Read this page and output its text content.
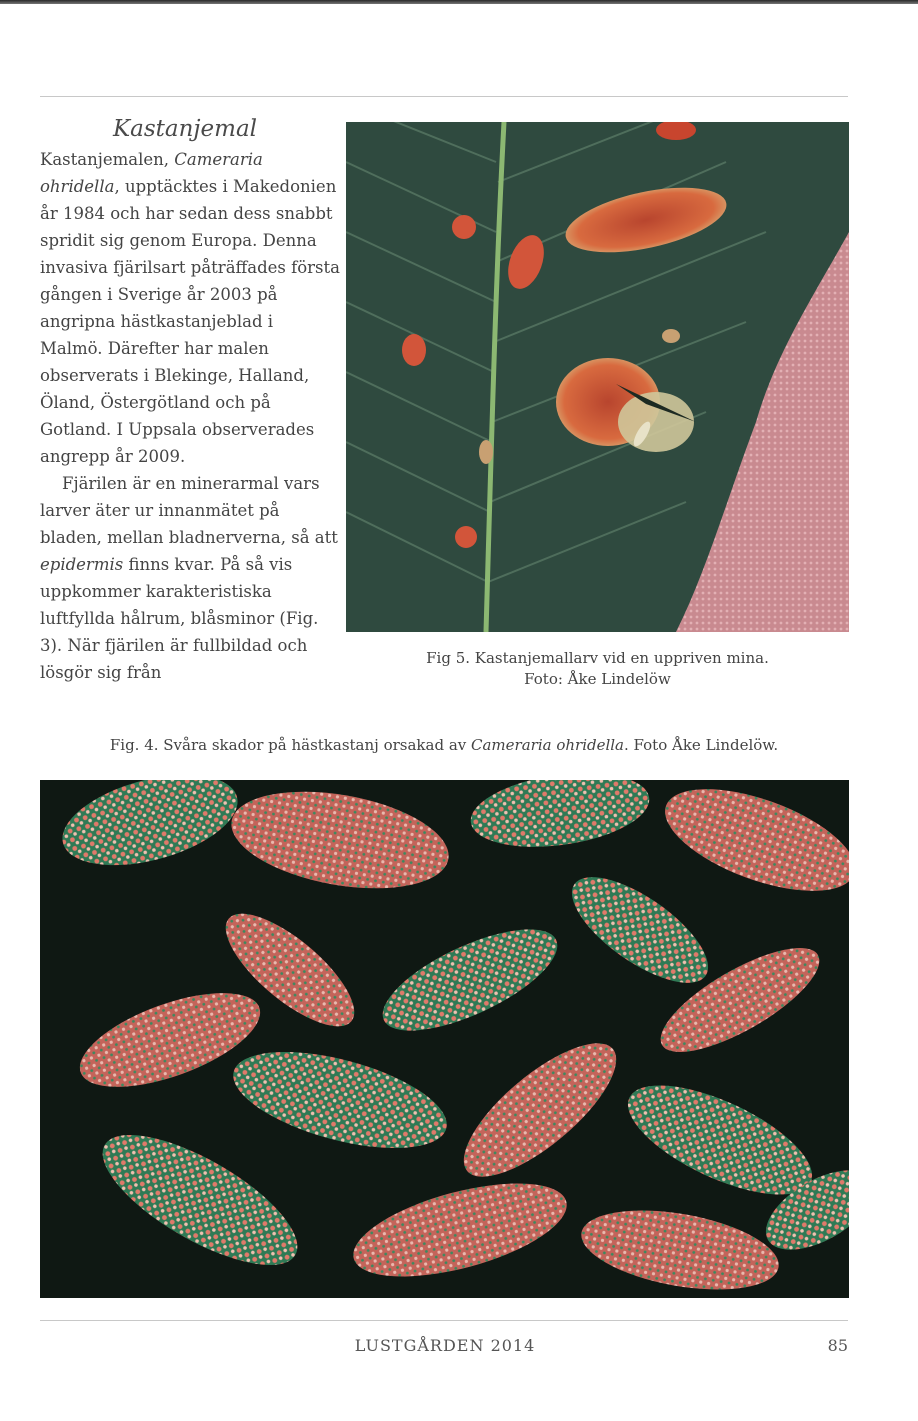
Kastanjemal

Kastanjemalen, Cameraria ohridella, upptäcktes i Makedonien år 1984 och har sedan dess snabbt spridit sig genom Europa. Denna invasiva fjärilsart påträffades första gången i Sverige år 2003 på angripna hästkastanjeblad i Malmö. Därefter har malen observerats i Blekinge, Halland, Öland, Östergötland och på Gotland. I Uppsala observerades angrepp år 2009.

Fjärilen är en minerarmal vars larver äter ur innanmätet på bladen, mellan bladnerverna, så att epidermis finns kvar. På så vis uppkommer karakteristiska luftfyllda hålrum, blåsminor (Fig. 3). När fjärilen är fullbildad och lösgör sig från

Fig 5. Kastanjemallarv vid en uppriven mina.
Foto: Åke Lindelöw
Fig. 4. Svåra skador på hästkastanj orsakad av Cameraria ohridella. Foto Åke Lindelöw.
LUSTGÅRDEN 2014	85
